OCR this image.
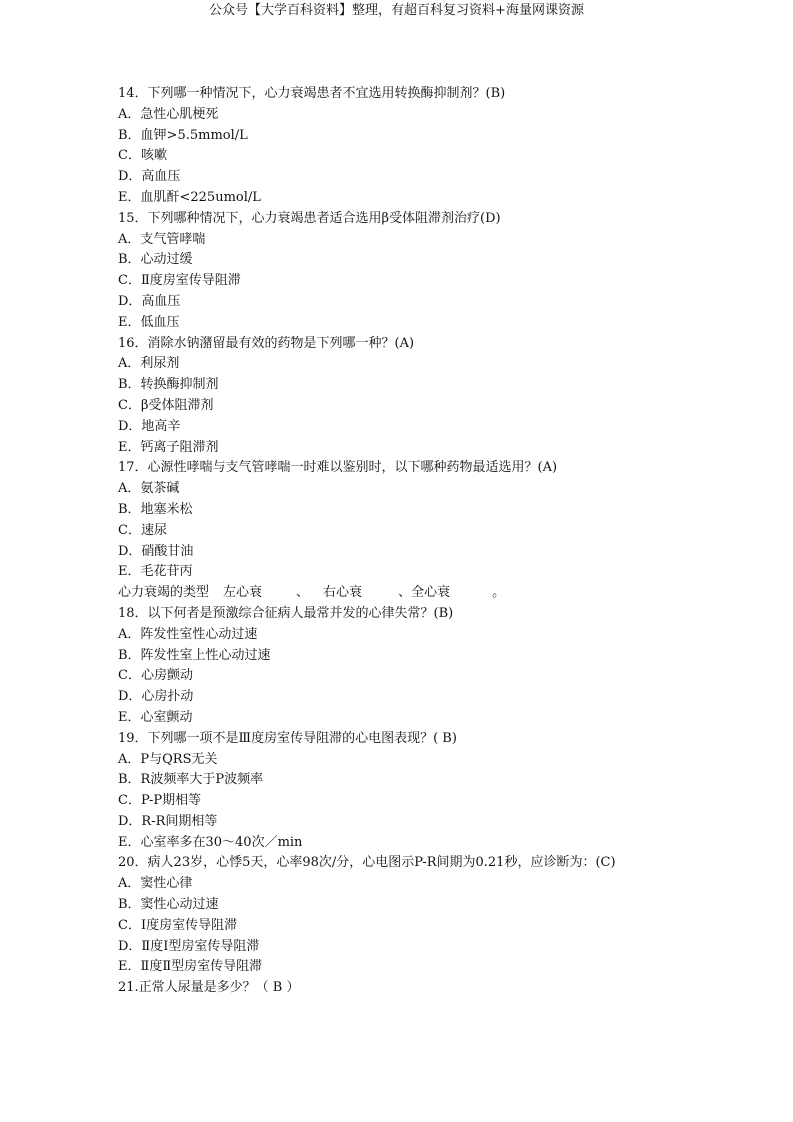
公众号【大学百科资料】整理，有超百科复习资料+海量网课资源
14．下列哪一种情况下，心力衰竭患者不宜选用转换酶抑制剂？(B)
A．急性心肌梗死
B．血钾>5.5mmol/L
C．咳嗽
D．高血压
E．血肌酐<225umol/L
15．下列哪种情况下，心力衰竭患者适合选用β受体阻滞剂治疗(D)
A．支气管哮喘
B．心动过缓
C．Ⅱ度房室传导阻滞
D．高血压
E．低血压
16．消除水钠潴留最有效的药物是下列哪一种？(A)
A．利尿剂
B．转换酶抑制剂
C．β受体阻滞剂
D．地高辛
E．钙离子阻滞剂
17．心源性哮喘与支气管哮喘一时难以鉴别时，以下哪种药物最适选用？(A)
A．氨茶碱
B．地塞米松
C．速尿
D．硝酸甘油
E．毛花苷丙
心力衰竭的类型 左心衰	、 右心衰	、全心衰	。
18．以下何者是预激综合征病人最常并发的心律失常？(B)
A．阵发性室性心动过速
B．阵发性室上性心动过速
C．心房颤动
D．心房扑动
E．心室颤动
19．下列哪一项不是Ⅲ度房室传导阻滞的心电图表现？( B)
A．P与QRS无关
B．R波频率大于P波频率
C．P-P期相等
D．R-R间期相等
E．心室率多在30～40次／min
20．病人23岁，心悸5天，心率98次/分，心电图示P-R间期为0.21秒，应诊断为：(C)
A．窦性心律
B．窦性心动过速
C．Ⅰ度房室传导阻滞
D．Ⅱ度Ⅰ型房室传导阻滞
E．Ⅱ度Ⅱ型房室传导阻滞
21.正常人尿量是多少？（ B ）
